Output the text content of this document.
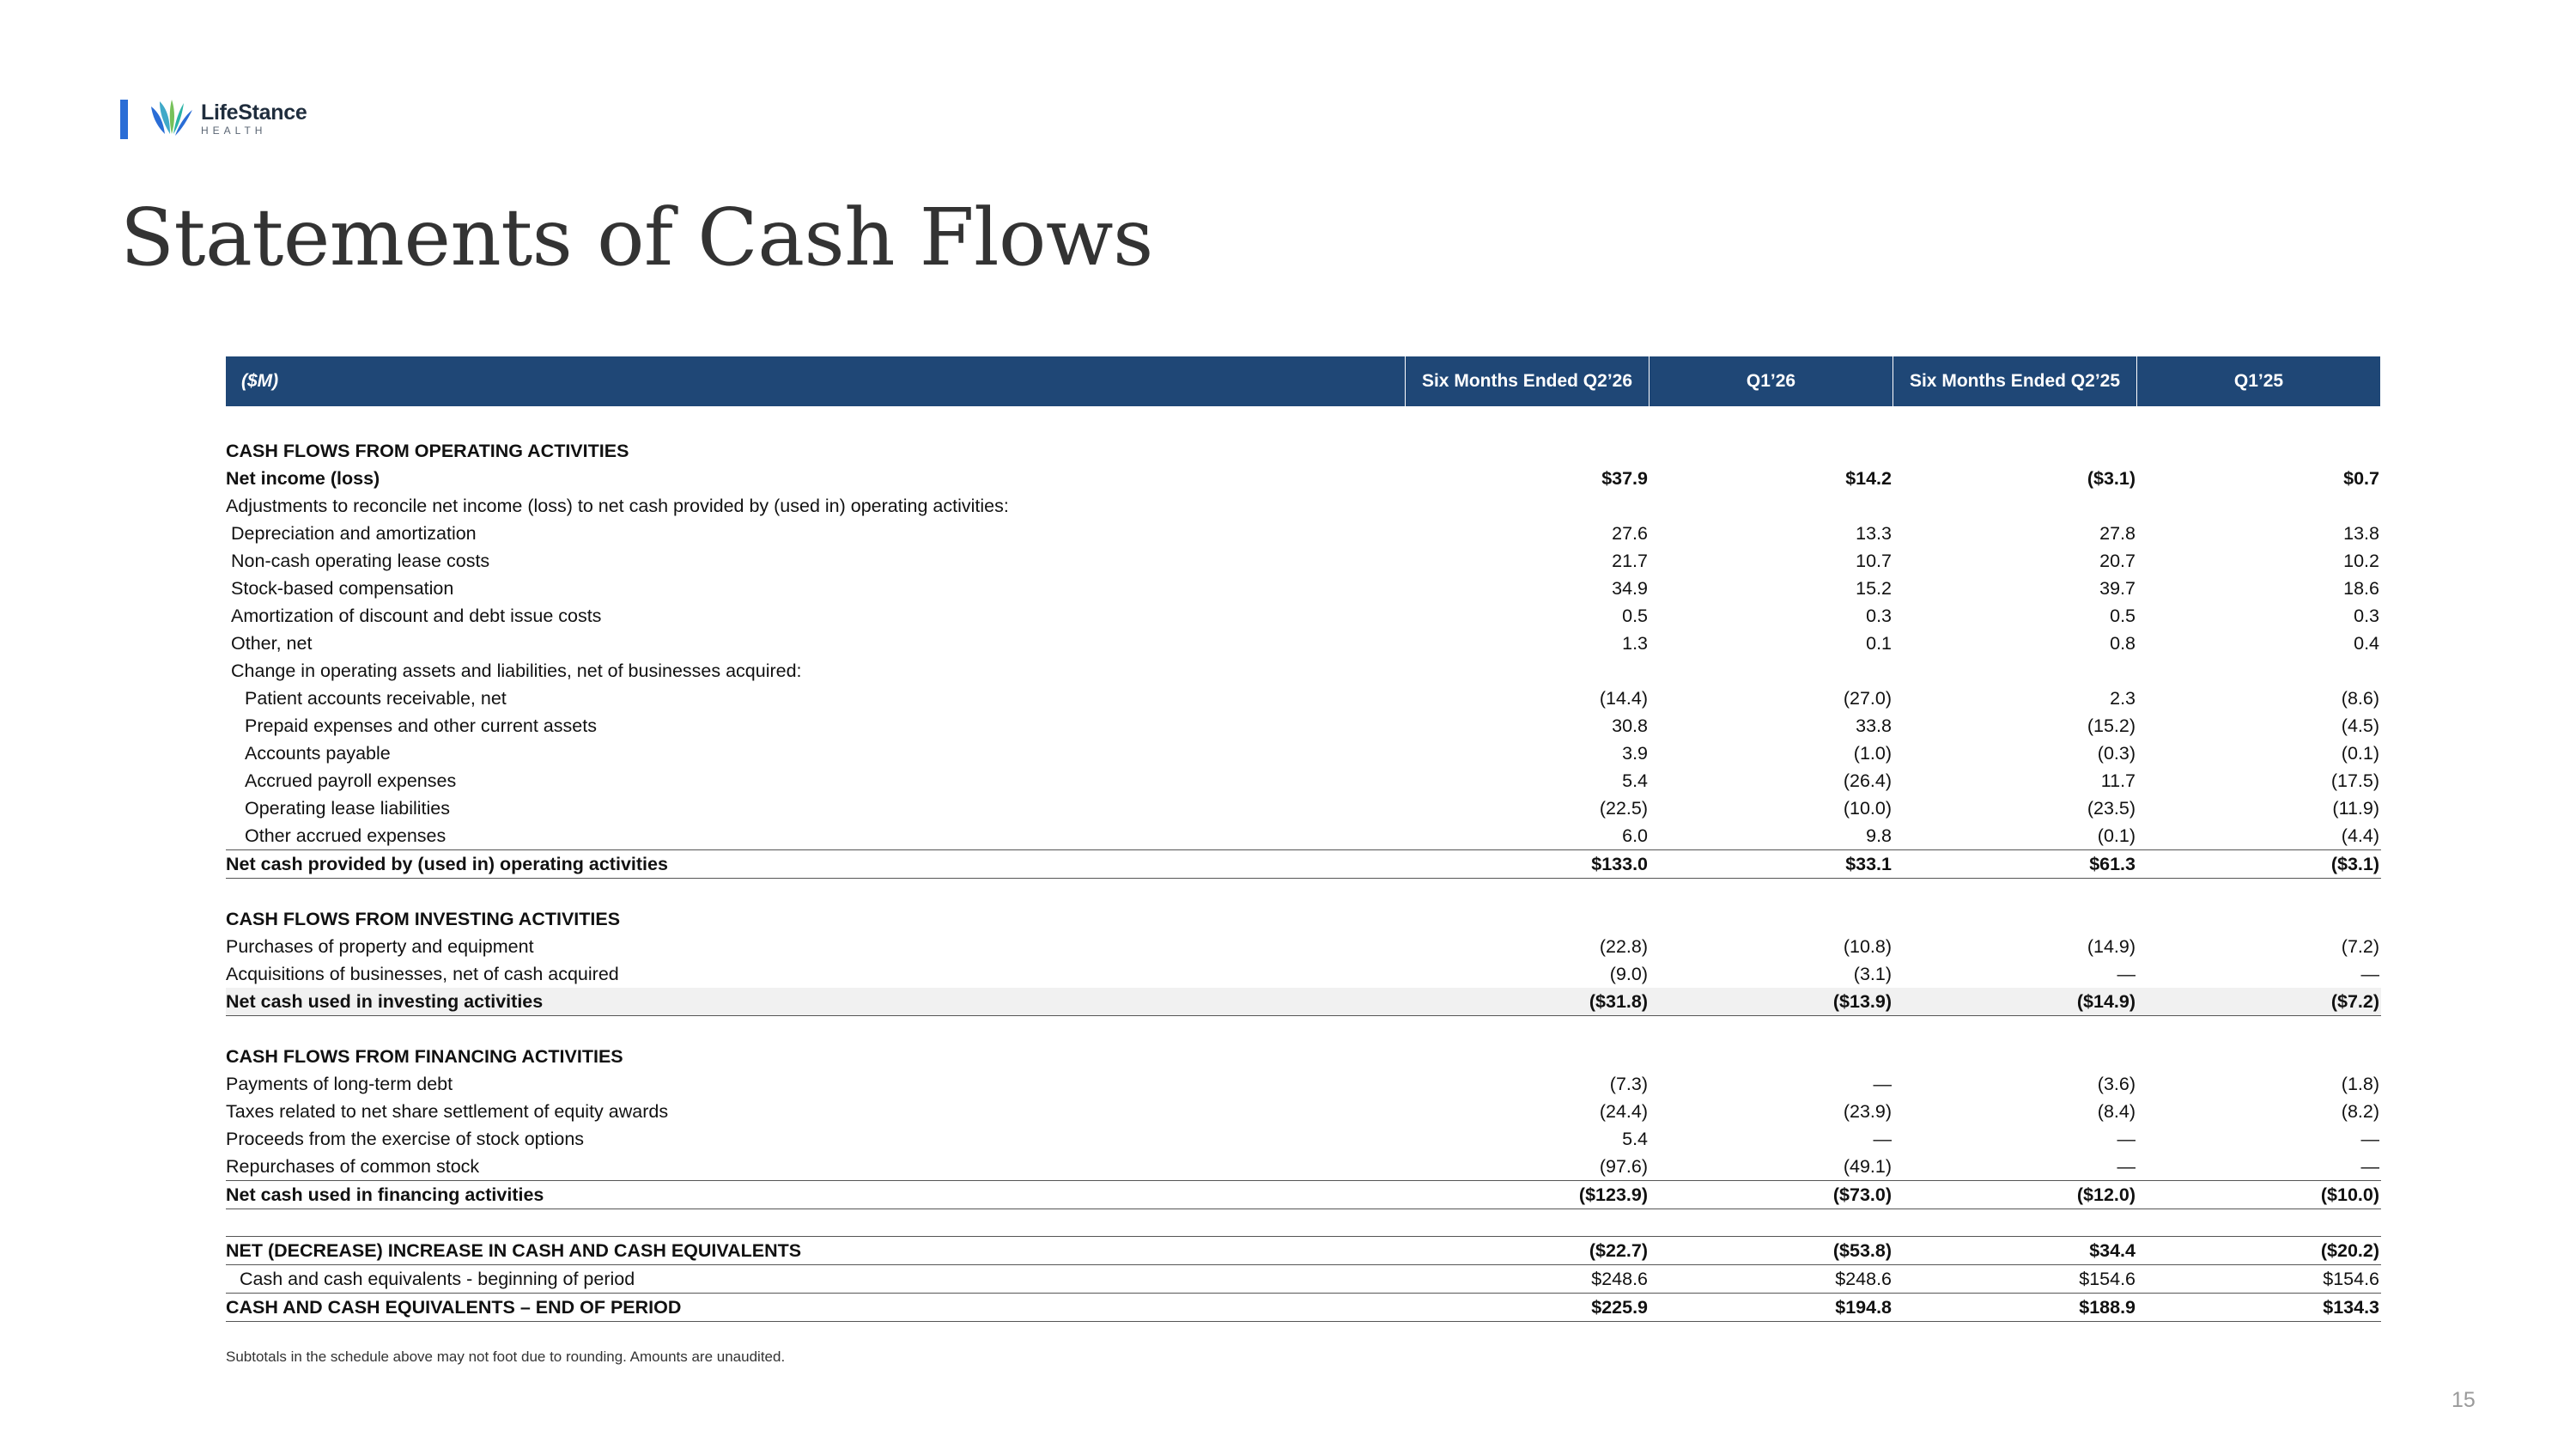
LifeStance
HEALTH
Statements of Cash Flows
($M)	Six Months Ended Q2’26	Q1’26	Six Months Ended Q2’25	Q1’25
CASH FLOWS FROM OPERATING ACTIVITIES
Net income (loss)	$37.9	$14.2	($3.1)	$0.7
Adjustments to reconcile net income (loss) to net cash provided by (used in) operating activities:
Depreciation and amortization	27.6	13.3	27.8	13.8
Non-cash operating lease costs	21.7	10.7	20.7	10.2
Stock-based compensation	34.9	15.2	39.7	18.6
Amortization of discount and debt issue costs	0.5	0.3	0.5	0.3
Other, net	1.3	0.1	0.8	0.4
Change in operating assets and liabilities, net of businesses acquired:
Patient accounts receivable, net	(14.4)	(27.0)	2.3	(8.6)
Prepaid expenses and other current assets	30.8	33.8	(15.2)	(4.5)
Accounts payable	3.9	(1.0)	(0.3)	(0.1)
Accrued payroll expenses	5.4	(26.4)	11.7	(17.5)
Operating lease liabilities	(22.5)	(10.0)	(23.5)	(11.9)
Other accrued expenses	6.0	9.8	(0.1)	(4.4)
Net cash provided by (used in) operating activities	$133.0	$33.1	$61.3	($3.1)
CASH FLOWS FROM INVESTING ACTIVITIES
Purchases of property and equipment	(22.8)	(10.8)	(14.9)	(7.2)
Acquisitions of businesses, net of cash acquired	(9.0)	(3.1)	—	—
Net cash used in investing activities	($31.8)	($13.9)	($14.9)	($7.2)
CASH FLOWS FROM FINANCING ACTIVITIES
Payments of long-term debt	(7.3)	—	(3.6)	(1.8)
Taxes related to net share settlement of equity awards	(24.4)	(23.9)	(8.4)	(8.2)
Proceeds from the exercise of stock options	5.4	—	—	—
Repurchases of common stock	(97.6)	(49.1)	—	—
Net cash used in financing activities	($123.9)	($73.0)	($12.0)	($10.0)
NET (DECREASE) INCREASE IN CASH AND CASH EQUIVALENTS	($22.7)	($53.8)	$34.4	($20.2)
Cash and cash equivalents - beginning of period	$248.6	$248.6	$154.6	$154.6
CASH AND CASH EQUIVALENTS – END OF PERIOD	$225.9	$194.8	$188.9	$134.3
Subtotals in the schedule above may not foot due to rounding. Amounts are unaudited.
15
